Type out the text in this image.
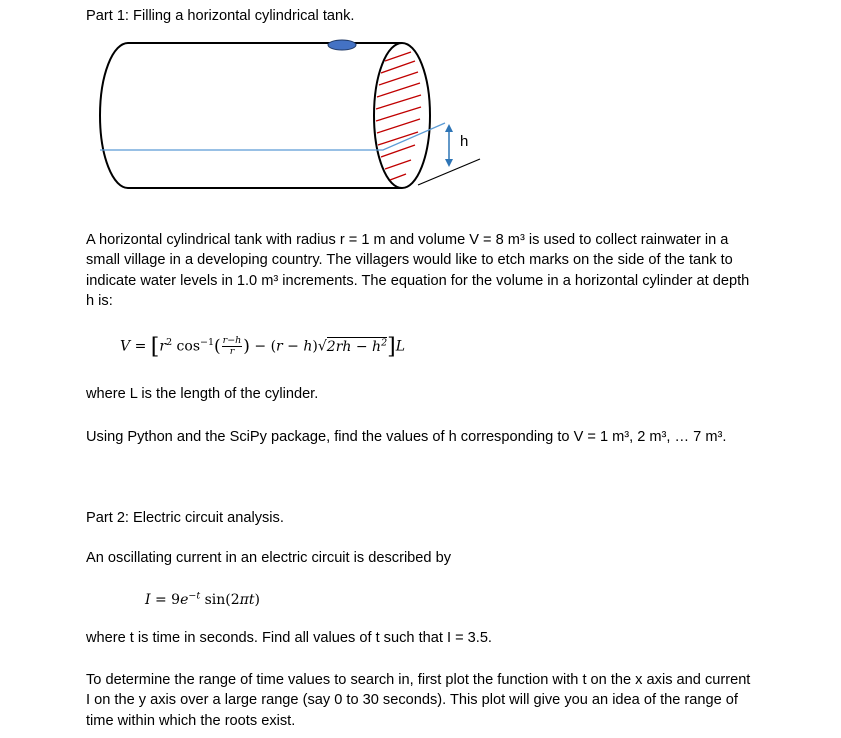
Part 1: Filling a horizontal cylindrical tank.
h
A horizontal cylindrical tank with radius r = 1 m and volume V = 8 m³ is used to collect rainwater in a
small village in a developing country. The villagers would like to etch marks on the side of the tank to
indicate water levels in 1.0 m³ increments. The equation for the volume in a horizontal cylinder at depth
h is:
$V = [r^2$ $\cos^{-1}( \frac{r-h}{r}$ ) − $(r - h)√2rh - h^2]L$
where L is the length of the cylinder.
Using Python and the SciPy package, find the values of h corresponding to V = 1 m³, 2 m³, … 7 m³.
Part 2: Electric circuit analysis.
An oscillating current in an electric circuit is described by
$I = 9e^{-t}$ sin(2πt)
where t is time in seconds. Find all values of t such that I = 3.5.
To determine the range of time values to search in, first plot the function with t on the x axis and current
I on the y axis over a large range (say 0 to 30 seconds). This plot will give you an idea of the range of
time within which the roots exist.
